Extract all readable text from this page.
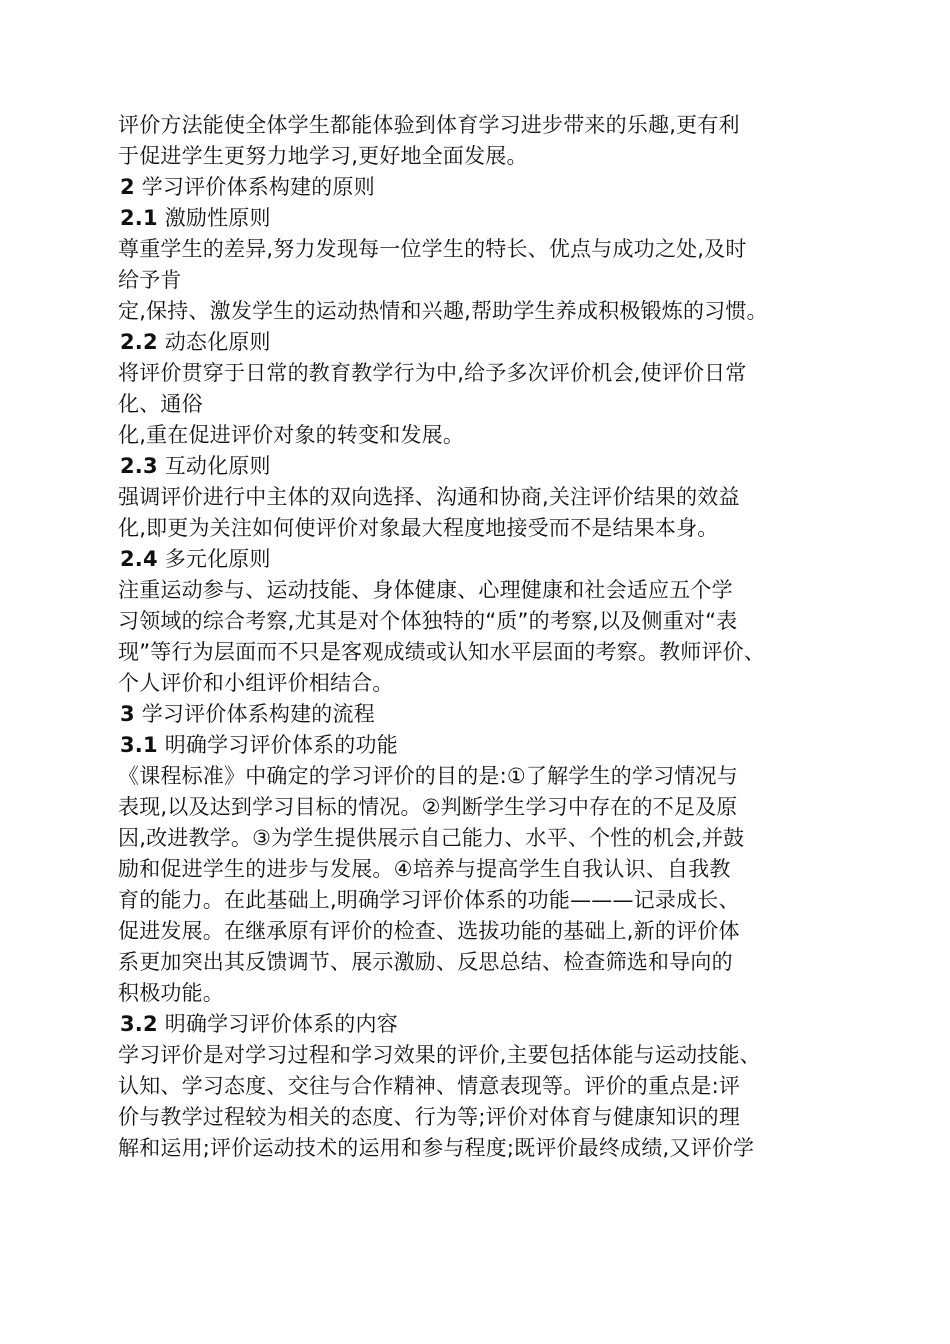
评价方法能使全体学生都能体验到体育学习进步带来的乐趣,更有利
于促进学生更努力地学习,更好地全面发展。
2 学习评价体系构建的原则
2.1 激励性原则
尊重学生的差异,努力发现每一位学生的特长、优点与成功之处,及时
给予肯
定,保持、激发学生的运动热情和兴趣,帮助学生养成积极锻炼的习惯。
2.2 动态化原则
将评价贯穿于日常的教育教学行为中,给予多次评价机会,使评价日常
化、通俗
化,重在促进评价对象的转变和发展。
2.3 互动化原则
强调评价进行中主体的双向选择、沟通和协商,关注评价结果的效益
化,即更为关注如何使评价对象最大程度地接受而不是结果本身。
2.4 多元化原则
注重运动参与、运动技能、身体健康、心理健康和社会适应五个学
习领域的综合考察,尤其是对个体独特的“质”的考察,以及侧重对“表
现”等行为层面而不只是客观成绩或认知水平层面的考察。教师评价、
个人评价和小组评价相结合。
3 学习评价体系构建的流程
3.1 明确学习评价体系的功能
《课程标准》中确定的学习评价的目的是:①了解学生的学习情况与
表现,以及达到学习目标的情况。②判断学生学习中存在的不足及原
因,改进教学。③为学生提供展示自己能力、水平、个性的机会,并鼓
励和促进学生的进步与发展。④培养与提高学生自我认识、自我教
育的能力。在此基础上,明确学习评价体系的功能———记录成长、
促进发展。在继承原有评价的检查、选拔功能的基础上,新的评价体
系更加突出其反馈调节、展示激励、反思总结、检查筛选和导向的
积极功能。
3.2 明确学习评价体系的内容
学习评价是对学习过程和学习效果的评价,主要包括体能与运动技能、
认知、学习态度、交往与合作精神、情意表现等。评价的重点是:评
价与教学过程较为相关的态度、行为等;评价对体育与健康知识的理
解和运用;评价运动技术的运用和参与程度;既评价最终成绩,又评价学
